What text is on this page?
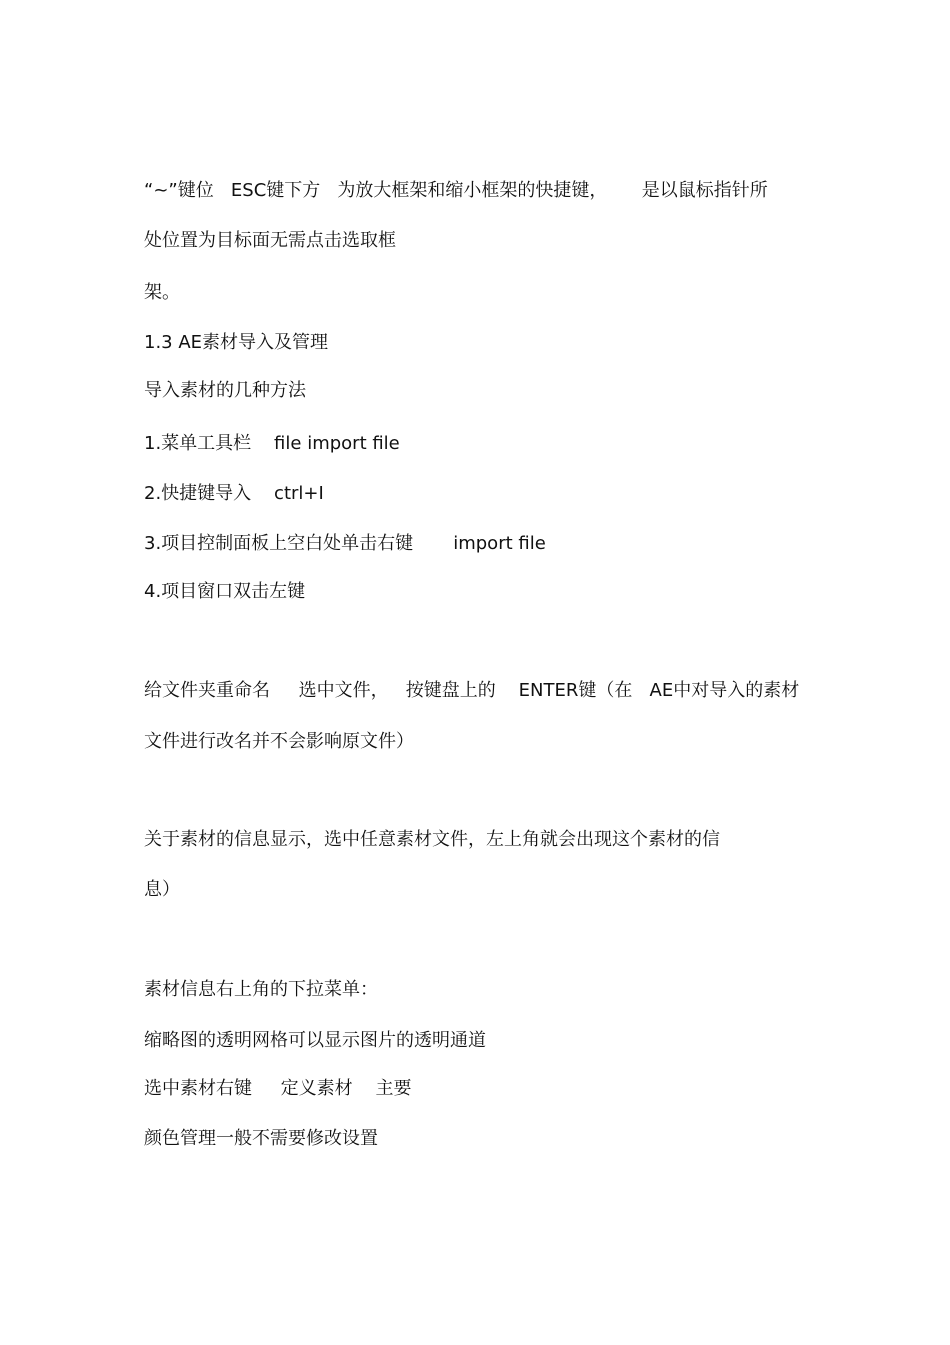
“~”键位   ESC键下方   为放大框架和缩小框架的快捷键，      是以鼠标指针所
处位置为目标面无需点击选取框
架。
1.3 AE素材导入及管理
导入素材的几种方法
1.菜单工具栏    file import file
2.快捷键导入    ctrl+I
3.项目控制面板上空白处单击右键       import file
4.项目窗口双击左键
给文件夹重命名     选中文件，   按键盘上的    ENTER键（在   AE中对导入的素材
文件进行改名并不会影响原文件）
关于素材的信息显示，选中任意素材文件，左上角就会出现这个素材的信
息）
素材信息右上角的下拉菜单：
缩略图的透明网格可以显示图片的透明通道
选中素材右键     定义素材    主要
颜色管理一般不需要修改设置
